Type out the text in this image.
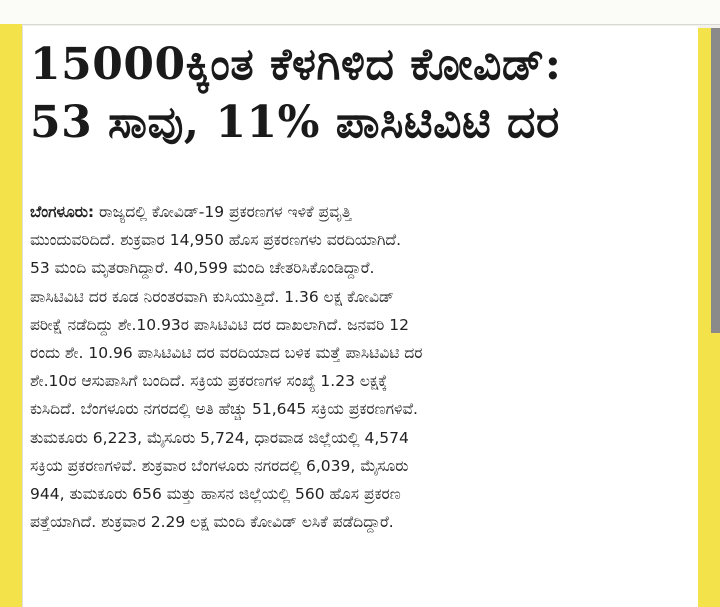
15000ಕ್ಕಿಂತ ಕೆಳಗಿಳಿದ ಕೋವಿಡ್:
53 ಸಾವು, 11% ಪಾಸಿಟಿವಿಟಿ ದರ
ಬೆಂಗಳೂರು: ರಾಜ್ಯದಲ್ಲಿ ಕೋವಿಡ್‌-19 ಪ್ರಕರಣಗಳ ಇಳಿಕೆ ಪ್ರವೃತ್ತಿ
ಮುಂದುವರಿದಿದೆ. ಶುಕ್ರವಾರ 14,950 ಹೊಸ ಪ್ರಕರಣಗಳು ವರದಿಯಾಗಿದೆ.
53 ಮಂದಿ ಮೃತರಾಗಿದ್ದಾರೆ. 40,599 ಮಂದಿ ಚೇತರಿಸಿಕೊಂಡಿದ್ದಾರೆ.
ಪಾಸಿಟಿವಿಟಿ ದರ ಕೂಡ ನಿರಂತರವಾಗಿ ಕುಸಿಯುತ್ತಿದೆ. 1.36 ಲಕ್ಷ ಕೋವಿಡ್
ಪರೀಕ್ಷೆ ನಡೆದಿದ್ದು ಶೇ.10.93ರ ಪಾಸಿಟಿವಿಟಿ ದರ ದಾಖಲಾಗಿದೆ. ಜನವರಿ 12
ರಂದು ಶೇ. 10.96 ಪಾಸಿಟಿವಿಟಿ ದರ ವರದಿಯಾದ ಬಳಿಕ ಮತ್ತೆ ಪಾಸಿಟಿವಿಟಿ ದರ
ಶೇ.10ರ ಆಸುಪಾಸಿಗೆ ಬಂದಿದೆ. ಸಕ್ರಿಯ ಪ್ರಕರಣಗಳ ಸಂಖ್ಯೆ 1.23 ಲಕ್ಷಕ್ಕೆ
ಕುಸಿದಿದೆ. ಬೆಂಗಳೂರು ನಗರದಲ್ಲಿ ಅತಿ ಹೆಚ್ಚು 51,645 ಸಕ್ರಿಯ ಪ್ರಕರಣಗಳಿವೆ.
ತುಮಕೂರು 6,223, ಮೈಸೂರು 5,724, ಧಾರವಾಡ ಜಿಲ್ಲೆಯಲ್ಲಿ 4,574
ಸಕ್ರಿಯ ಪ್ರಕರಣಗಳಿವೆ. ಶುಕ್ರವಾರ ಬೆಂಗಳೂರು ನಗರದಲ್ಲಿ 6,039, ಮೈಸೂರು
944, ತುಮಕೂರು 656 ಮತ್ತು ಹಾಸನ ಜಿಲ್ಲೆಯಲ್ಲಿ 560 ಹೊಸ ಪ್ರಕರಣ
ಪತ್ತೆಯಾಗಿದೆ. ಶುಕ್ರವಾರ 2.29 ಲಕ್ಷ ಮಂದಿ ಕೋವಿಡ್‌ ಲಸಿಕೆ ಪಡೆದಿದ್ದಾರೆ.
